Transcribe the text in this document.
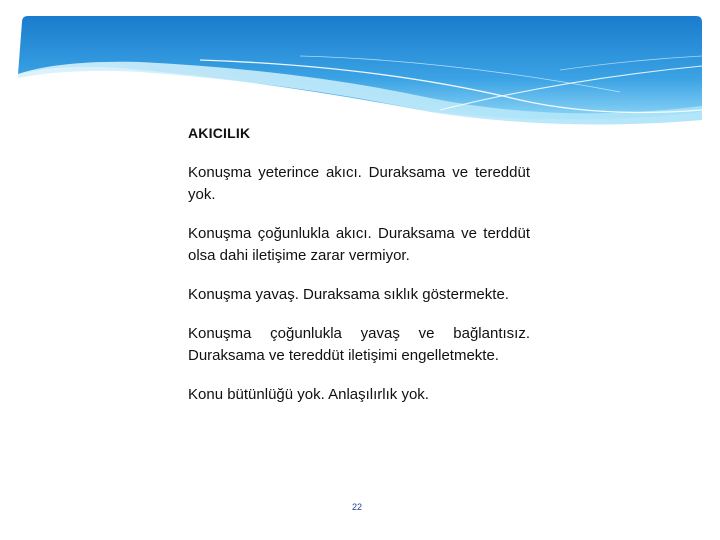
AKICILIK

Konuşma yeterince akıcı. Duraksama ve tereddüt yok.

Konuşma çoğunlukla akıcı. Duraksama ve terddüt olsa dahi iletişime zarar vermiyor.

Konuşma yavaş. Duraksama sıklık göstermekte.

Konuşma çoğunlukla yavaş ve bağlantısız. Duraksama ve tereddüt iletişimi engelletmekte.

Konu bütünlüğü yok. Anlaşılırlık yok.

22
